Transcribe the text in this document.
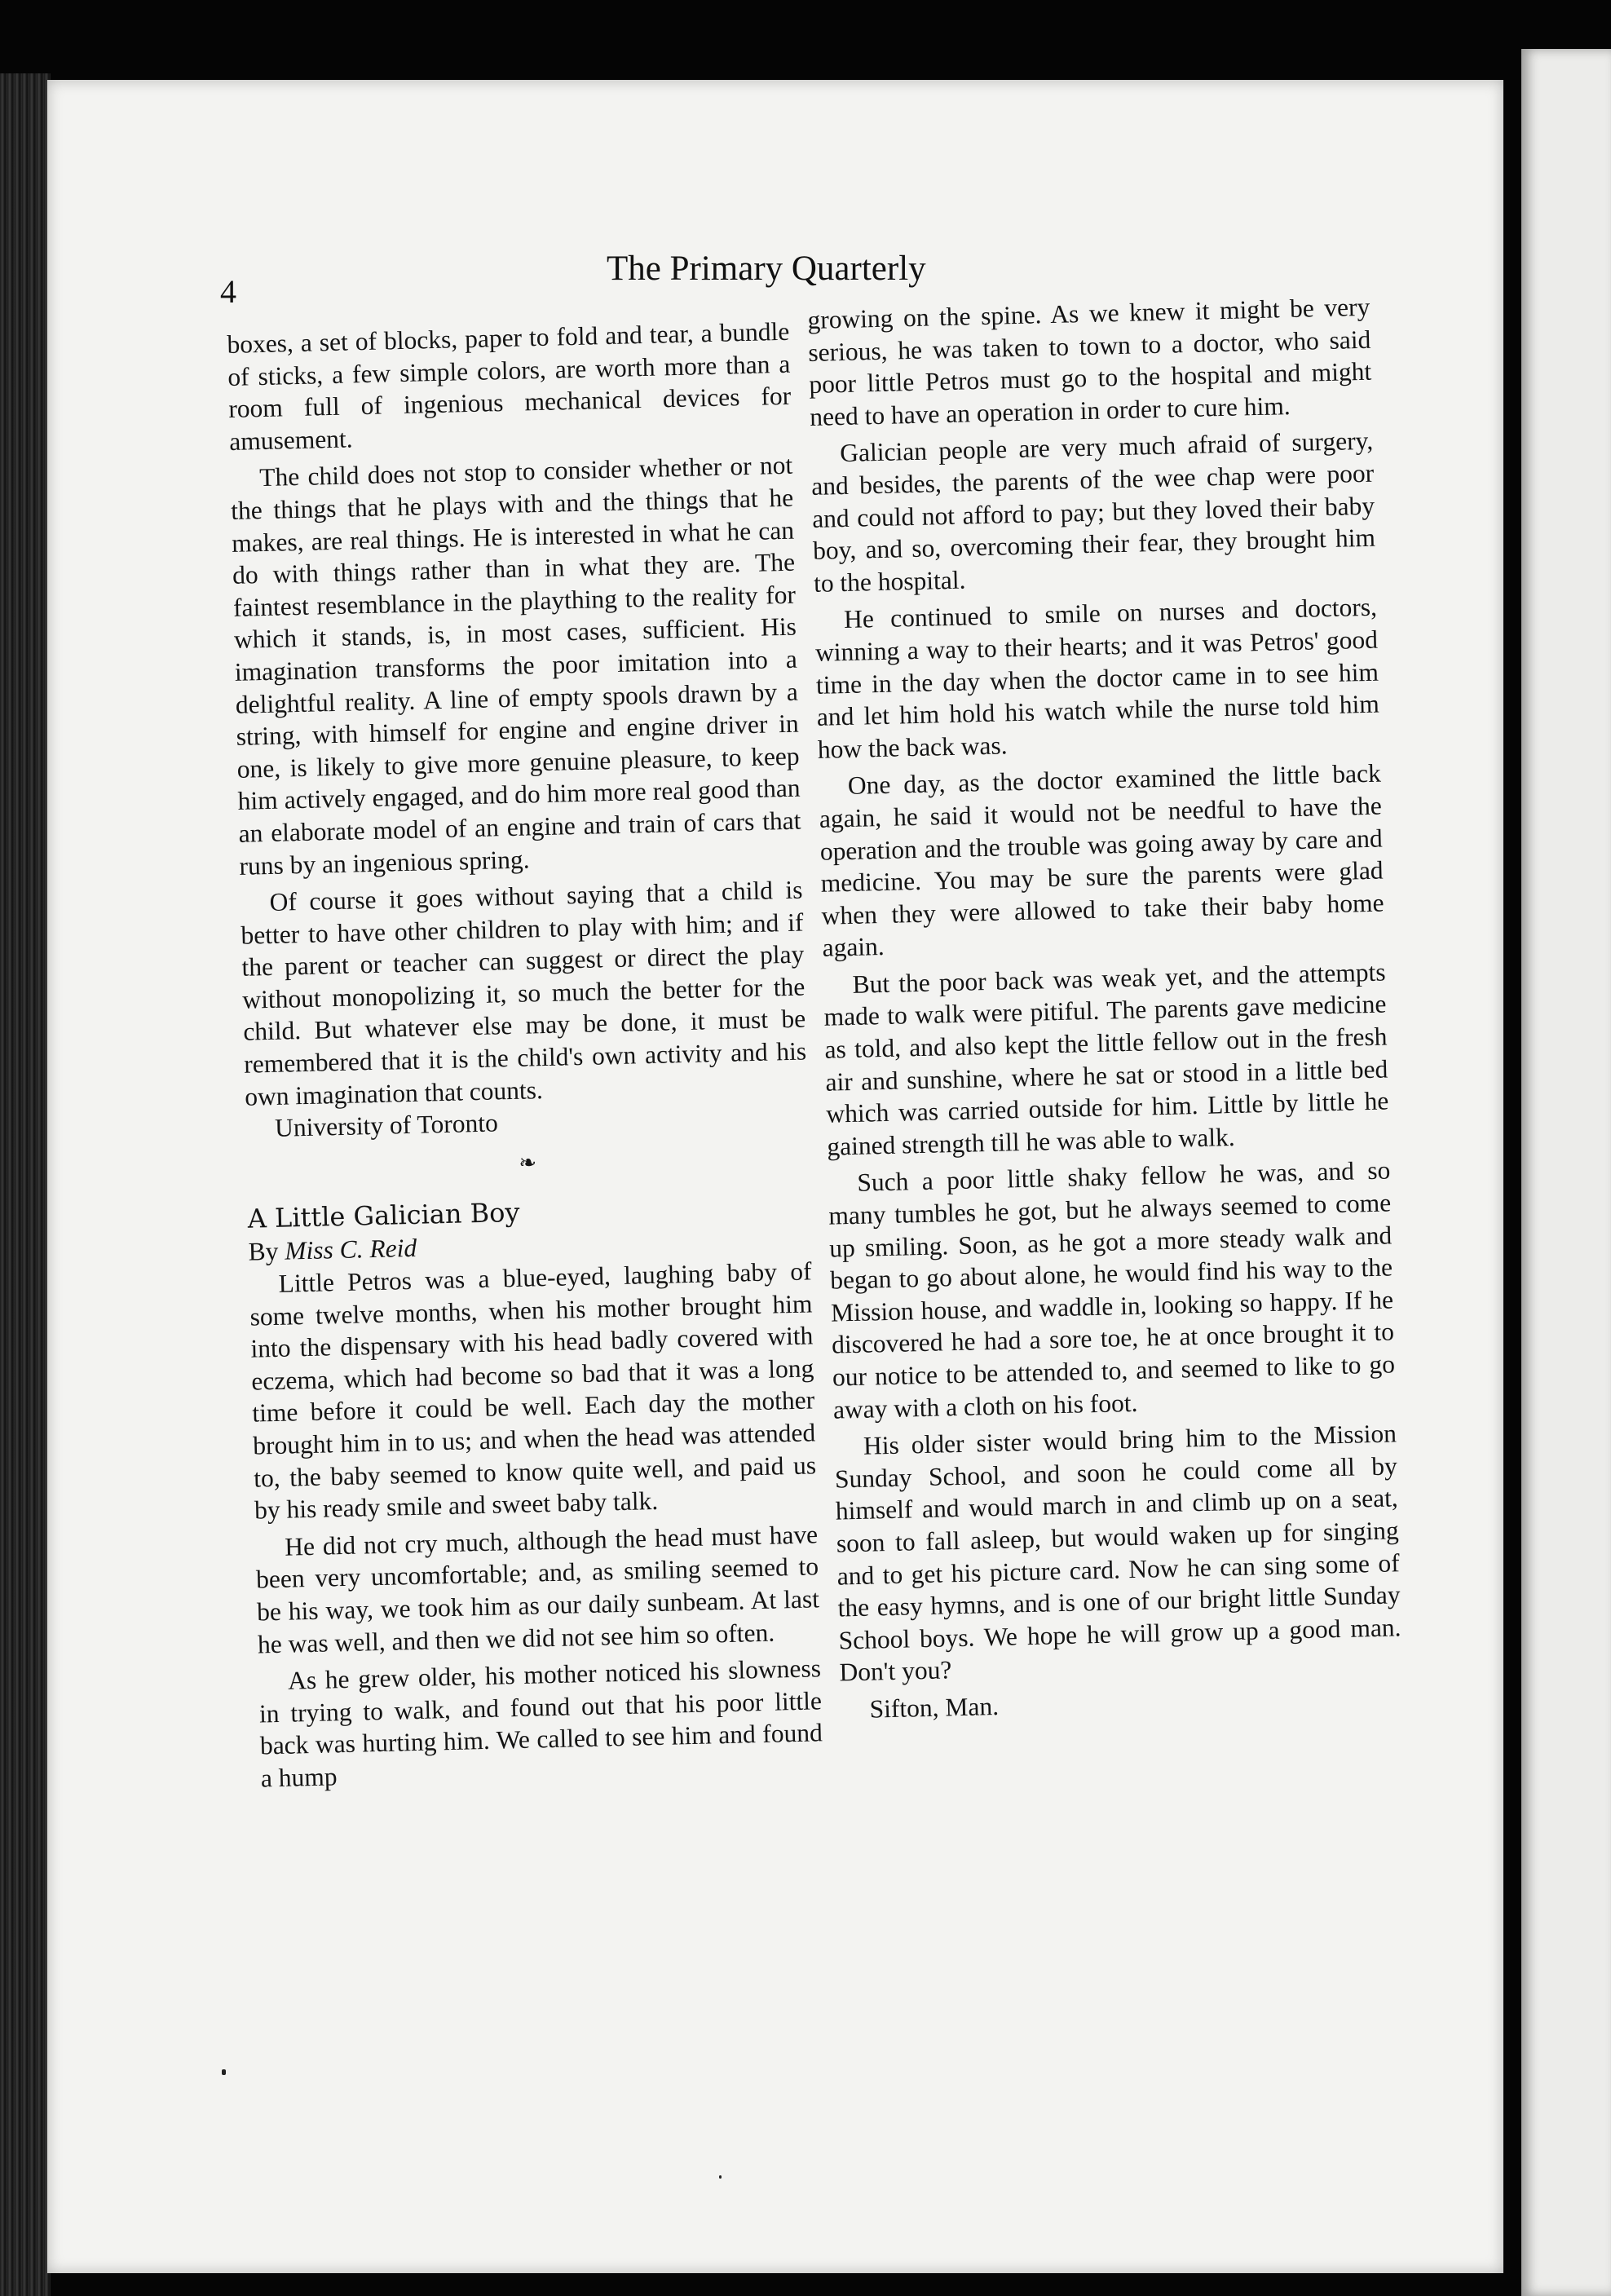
4
The Primary Quarterly

boxes, a set of blocks, paper to fold and tear, a bundle of sticks, a few simple colors, are worth more than a room full of ingenious mechanical devices for amusement.

The child does not stop to consider whether or not the things that he plays with and the things that he makes, are real things. He is interested in what he can do with things rather than in what they are. The faintest resemblance in the plaything to the reality for which it stands, is, in most cases, sufficient. His imagination transforms the poor imitation into a delightful reality. A line of empty spools drawn by a string, with himself for engine and engine driver in one, is likely to give more genuine pleasure, to keep him actively engaged, and do him more real good than an elaborate model of an engine and train of cars that runs by an ingenious spring.

Of course it goes without saying that a child is better to have other children to play with him; and if the parent or teacher can suggest or direct the play without monopolizing it, so much the better for the child. But whatever else may be done, it must be remembered that it is the child's own activity and his own imagination that counts.

University of Toronto

❧

A Little Galician Boy

By Miss C. Reid

Little Petros was a blue-eyed, laughing baby of some twelve months, when his mother brought him into the dispensary with his head badly covered with eczema, which had become so bad that it was a long time before it could be well. Each day the mother brought him in to us; and when the head was attended to, the baby seemed to know quite well, and paid us by his ready smile and sweet baby talk.

He did not cry much, although the head must have been very uncomfortable; and, as smiling seemed to be his way, we took him as our daily sunbeam. At last he was well, and then we did not see him so often.

As he grew older, his mother noticed his slowness in trying to walk, and found out that his poor little back was hurting him. We called to see him and found a hump

growing on the spine. As we knew it might be very serious, he was taken to town to a doctor, who said poor little Petros must go to the hospital and might need to have an operation in order to cure him.

Galician people are very much afraid of surgery, and besides, the parents of the wee chap were poor and could not afford to pay; but they loved their baby boy, and so, overcoming their fear, they brought him to the hospital.

He continued to smile on nurses and doctors, winning a way to their hearts; and it was Petros' good time in the day when the doctor came in to see him and let him hold his watch while the nurse told him how the back was.

One day, as the doctor examined the little back again, he said it would not be needful to have the operation and the trouble was going away by care and medicine. You may be sure the parents were glad when they were allowed to take their baby home again.

But the poor back was weak yet, and the attempts made to walk were pitiful. The parents gave medicine as told, and also kept the little fellow out in the fresh air and sunshine, where he sat or stood in a little bed which was carried outside for him. Little by little he gained strength till he was able to walk.

Such a poor little shaky fellow he was, and so many tumbles he got, but he always seemed to come up smiling. Soon, as he got a more steady walk and began to go about alone, he would find his way to the Mission house, and waddle in, looking so happy. If he discovered he had a sore toe, he at once brought it to our notice to be attended to, and seemed to like to go away with a cloth on his foot.

His older sister would bring him to the Mission Sunday School, and soon he could come all by himself and would march in and climb up on a seat, soon to fall asleep, but would waken up for singing and to get his picture card. Now he can sing some of the easy hymns, and is one of our bright little Sunday School boys. We hope he will grow up a good man. Don't you?

Sifton, Man.
